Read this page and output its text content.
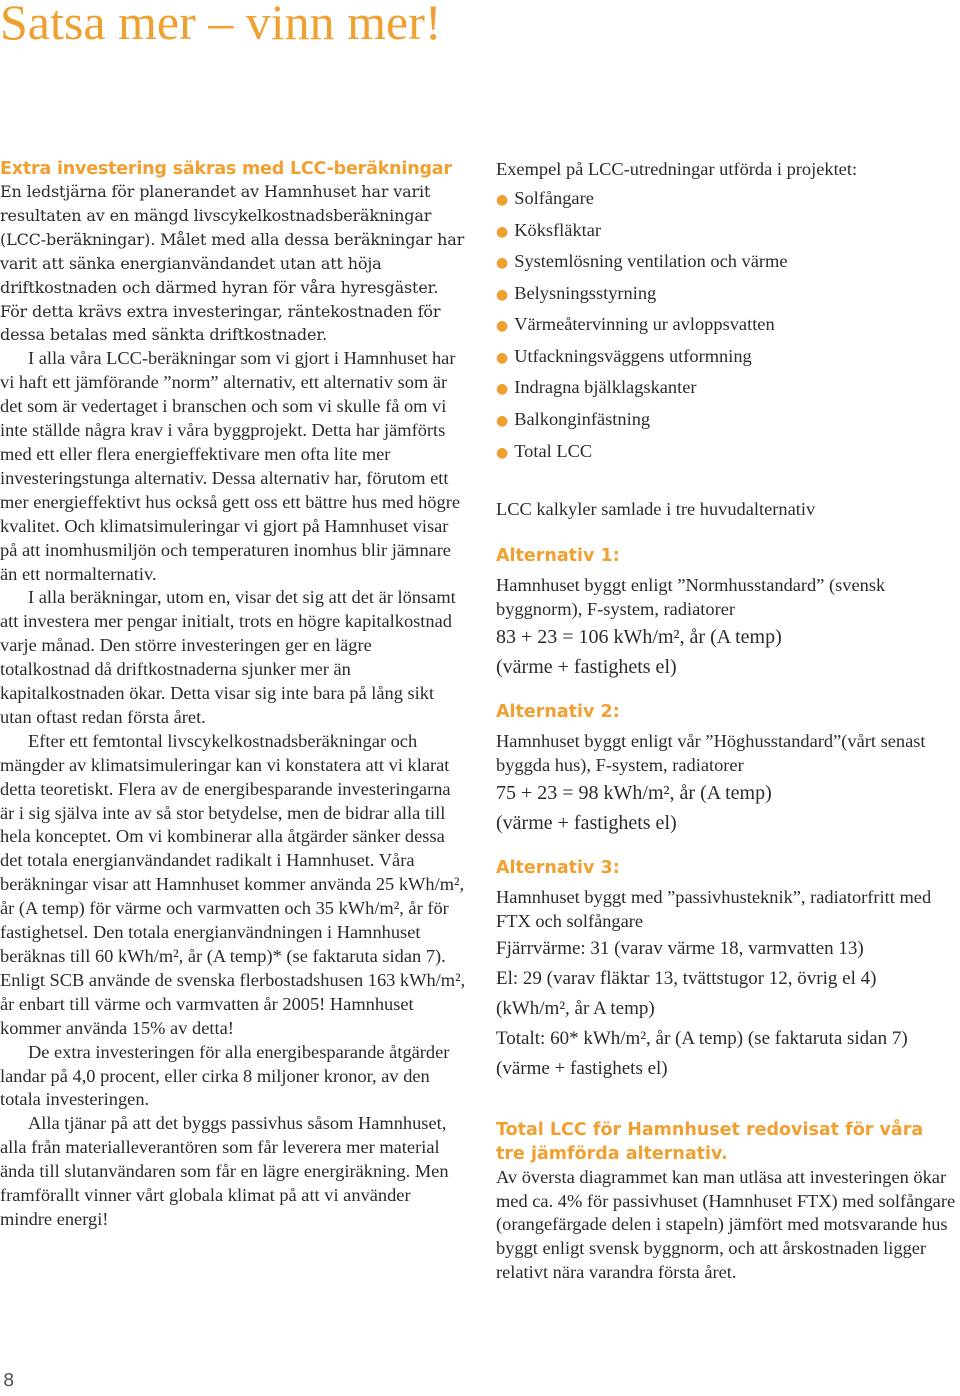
Satsa mer – vinn mer!
Extra investering säkras med LCC-beräkningar

En ledstjärna för planerandet av Hamnhuset har varit resultaten av en mängd livscykelkostnadsberäkningar (LCC-beräkningar). Målet med alla dessa beräkningar har varit att sänka energianvändandet utan att höja driftkostnaden och därmed hyran för våra hyresgäster. För detta krävs extra investeringar, räntekostnaden för dessa betalas med sänkta driftkostnader.

I alla våra LCC-beräkningar som vi gjort i Hamnhuset har vi haft ett jämförande ”norm” alternativ, ett alternativ som är det som är vedertaget i branschen och som vi skulle få om vi inte ställde några krav i våra byggprojekt. Detta har jämförts med ett eller flera energieffektivare men ofta lite mer investeringstunga alternativ. Dessa alternativ har, förutom ett mer energieffektivt hus också gett oss ett bättre hus med högre kvalitet. Och klimatsimuleringar vi gjort på Hamnhuset visar på att inomhusmiljön och temperaturen inomhus blir jämnare än ett normalternativ.

I alla beräkningar, utom en, visar det sig att det är lönsamt att investera mer pengar initialt, trots en högre kapitalkostnad varje månad. Den större investeringen ger en lägre totalkostnad då driftkostnaderna sjunker mer än kapitalkostnaden ökar. Detta visar sig inte bara på lång sikt utan oftast redan första året.

Efter ett femtontal livscykelkostnadsberäkningar och mängder av klimatsimuleringar kan vi konstatera att vi klarat detta teoretiskt. Flera av de energibesparande investeringarna är i sig själva inte av så stor betydelse, men de bidrar alla till hela konceptet. Om vi kombinerar alla åtgärder sänker dessa det totala energianvändandet radikalt i Hamnhuset. Våra beräkningar visar att Hamnhuset kommer använda 25 kWh/m², år (A temp) för värme och varmvatten och 35 kWh/m², år för fastighetsel. Den totala energianvändningen i Hamnhuset beräknas till 60 kWh/m², år (A temp)* (se faktaruta sidan 7). Enligt SCB använde de svenska flerbostadshusen 163 kWh/m², år enbart till värme och varmvatten år 2005! Hamnhuset kommer använda 15% av detta!

De extra investeringen för alla energibesparande åtgärder landar på 4,0 procent, eller cirka 8 miljoner kronor, av den totala investeringen.

Alla tjänar på att det byggs passivhus såsom Hamnhuset, alla från materialleverantören som får leverera mer material ända till slutanvändaren som får en lägre energiräkning. Men framförallt vinner vårt globala klimat på att vi använder mindre energi!

Exempel på LCC-utredningar utförda i projektet:

● Solfångare
● Köksfläktar
● Systemlösning ventilation och värme
● Belysningsstyrning
● Värmeåtervinning ur avloppsvatten
● Utfackningsväggens utformning
● Indragna bjälklagskanter
● Balkonginfästning
● Total LCC

LCC kalkyler samlade i tre huvudalternativ

Alternativ 1:

Hamnhuset byggt enligt ”Normhusstandard” (svensk byggnorm), F-system, radiatorer

83 + 23 = 106 kWh/m², år (A temp)

(värme + fastighets el)

Alternativ 2:

Hamnhuset byggt enligt vår ”Höghusstandard”(vårt senast byggda hus), F-system, radiatorer

75 + 23 = 98 kWh/m², år (A temp)

(värme + fastighets el)

Alternativ 3:

Hamnhuset byggt med ”passivhusteknik”, radiatorfritt med FTX och solfångare

Fjärrvärme: 31 (varav värme 18, varmvatten 13)

El: 29 (varav fläktar 13, tvättstugor 12, övrig el 4)

(kWh/m², år A temp)

Totalt: 60* kWh/m², år (A temp) (se faktaruta sidan 7)

(värme + fastighets el)

Total LCC för Hamnhuset redovisat för våra tre jämförda alternativ.

Av översta diagrammet kan man utläsa att investeringen ökar med ca. 4% för passivhuset (Hamnhuset FTX) med solfångare (orangefärgade delen i stapeln) jämfört med motsvarande hus byggt enligt svensk byggnorm, och att årskostnaden ligger relativt nära varandra första året.

8
